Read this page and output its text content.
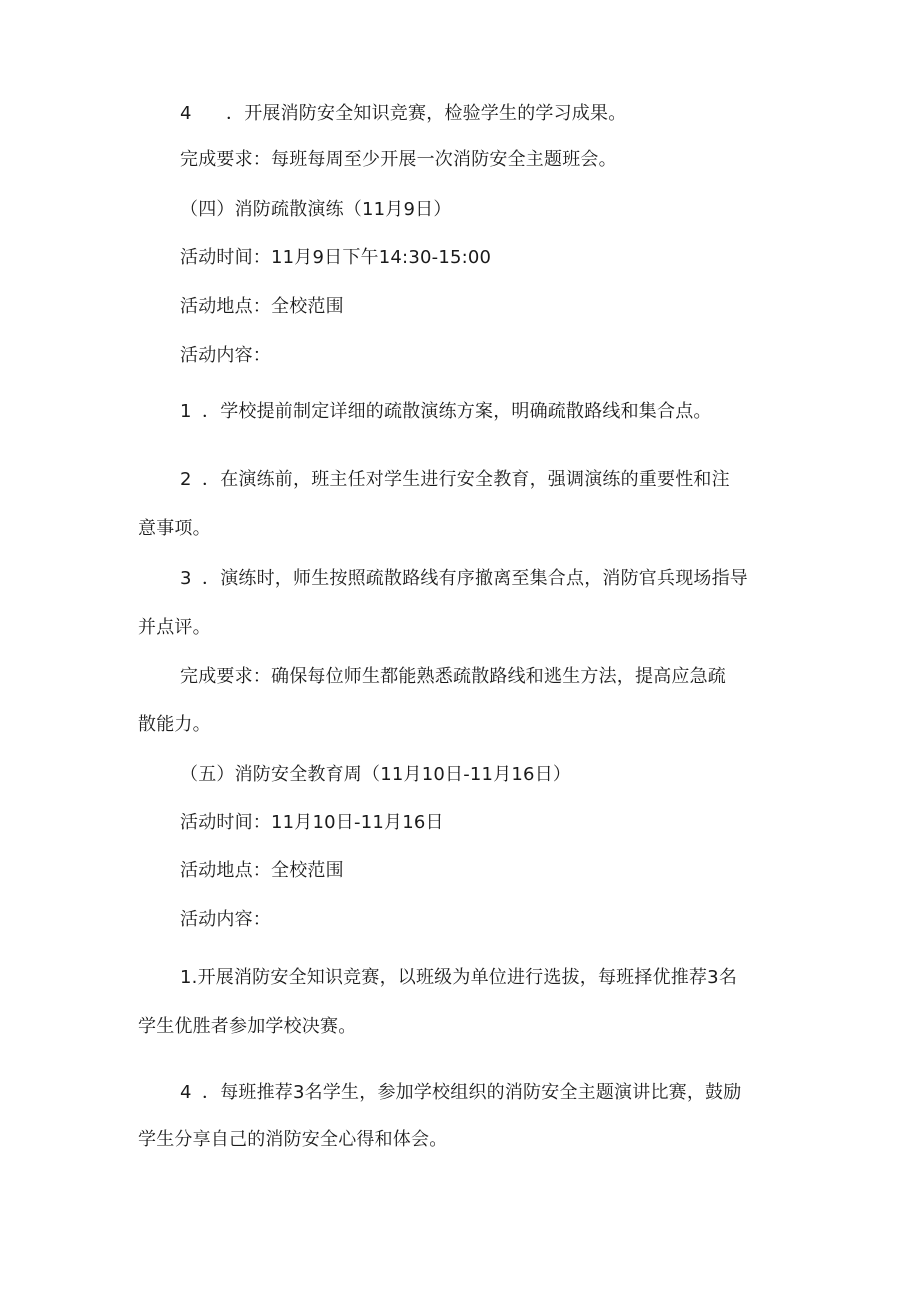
4 ．开展消防安全知识竞赛，检验学生的学习成果。
完成要求：每班每周至少开展一次消防安全主题班会。
（四）消防疏散演练（11月9日）
活动时间：11月9日下午14:30-15:00
活动地点：全校范围
活动内容：
1 ．学校提前制定详细的疏散演练方案，明确疏散路线和集合点。
2 ．在演练前，班主任对学生进行安全教育，强调演练的重要性和注
意事项。
3 ．演练时，师生按照疏散路线有序撤离至集合点，消防官兵现场指导
并点评。
完成要求：确保每位师生都能熟悉疏散路线和逃生方法，提高应急疏
散能力。
（五）消防安全教育周（11月10日-11月16日）
活动时间：11月10日-11月16日
活动地点：全校范围
活动内容：
1.开展消防安全知识竞赛，以班级为单位进行选拔，每班择优推荐3名
学生优胜者参加学校决赛。
4 ．每班推荐3名学生，参加学校组织的消防安全主题演讲比赛，鼓励
学生分享自己的消防安全心得和体会。
